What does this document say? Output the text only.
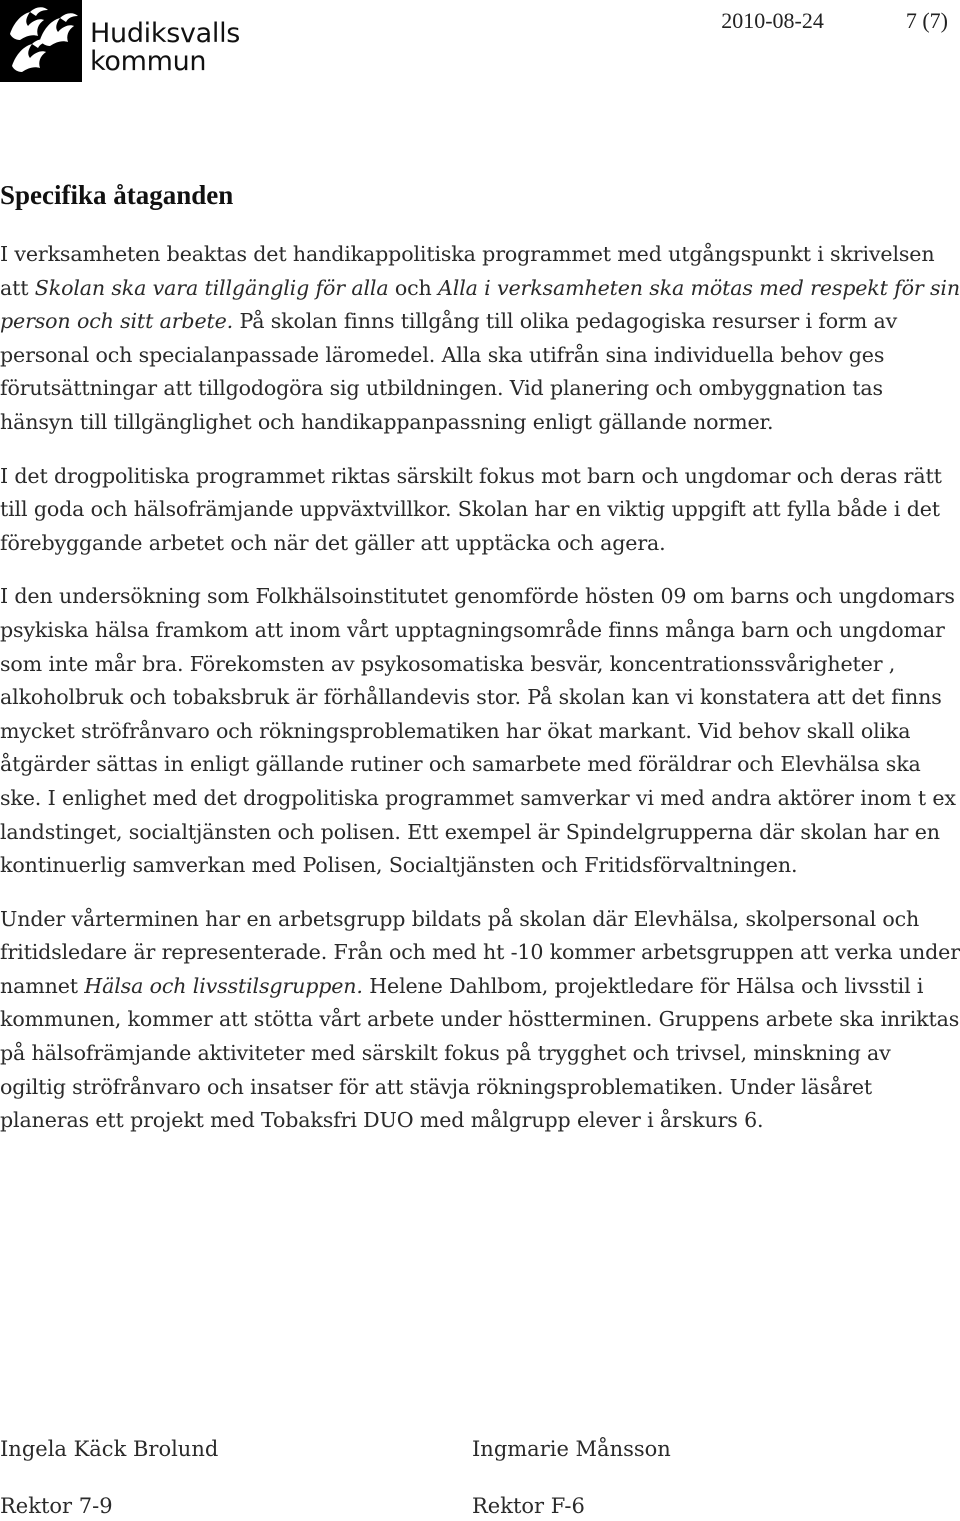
Hudiksvalls
kommun
2010-08-24	7 (7)
Specifika åtaganden

I verksamheten beaktas det handikappolitiska programmet med utgångspunkt i skrivelsen att Skolan ska vara tillgänglig för alla och Alla i verksamheten ska mötas med respekt för sin person och sitt arbete. På skolan finns tillgång till olika pedagogiska resurser i form av personal och specialanpassade läromedel. Alla ska utifrån sina individuella behov ges förutsättningar att tillgodogöra sig utbildningen. Vid planering och ombyggnation tas hänsyn till tillgänglighet och handikappanpassning enligt gällande normer.

I det drogpolitiska programmet riktas särskilt fokus mot barn och ungdomar och deras rätt till goda och hälsofrämjande uppväxtvillkor. Skolan har en viktig uppgift att fylla både i det förebyggande arbetet och när det gäller att upptäcka och agera.

I den undersökning som Folkhälsoinstitutet genomförde hösten 09 om barns och ungdomars psykiska hälsa framkom att inom vårt upptagningsområde finns många barn och ungdomar som inte mår bra. Förekomsten av psykosomatiska besvär, koncentrationssvårigheter , alkoholbruk och tobaksbruk är förhållandevis stor. På skolan kan vi konstatera att det finns mycket ströfrånvaro och rökningsproblematiken har ökat markant. Vid behov skall olika åtgärder sättas in enligt gällande rutiner och samarbete med föräldrar och Elevhälsa ska ske. I enlighet med det drogpolitiska programmet samverkar vi med andra aktörer inom t ex landstinget, socialtjänsten och polisen. Ett exempel är Spindelgrupperna där skolan har en kontinuerlig samverkan med Polisen, Socialtjänsten och Fritidsförvaltningen.

Under vårterminen har en arbetsgrupp bildats på skolan där Elevhälsa, skolpersonal och fritidsledare är representerade. Från och med ht -10 kommer arbetsgruppen att verka under namnet Hälsa och livsstilsgruppen. Helene Dahlbom, projektledare för Hälsa och livsstil i kommunen, kommer att stötta vårt arbete under höstterminen. Gruppens arbete ska inriktas på hälsofrämjande aktiviteter med särskilt fokus på trygghet och trivsel, minskning av ogiltig ströfrånvaro och insatser för att stävja rökningsproblematiken. Under läsåret planeras ett projekt med Tobaksfri DUO med målgrupp elever i årskurs 6.

Ingela Käck Brolund	Ingmarie Månsson
Rektor 7-9	Rektor F-6
